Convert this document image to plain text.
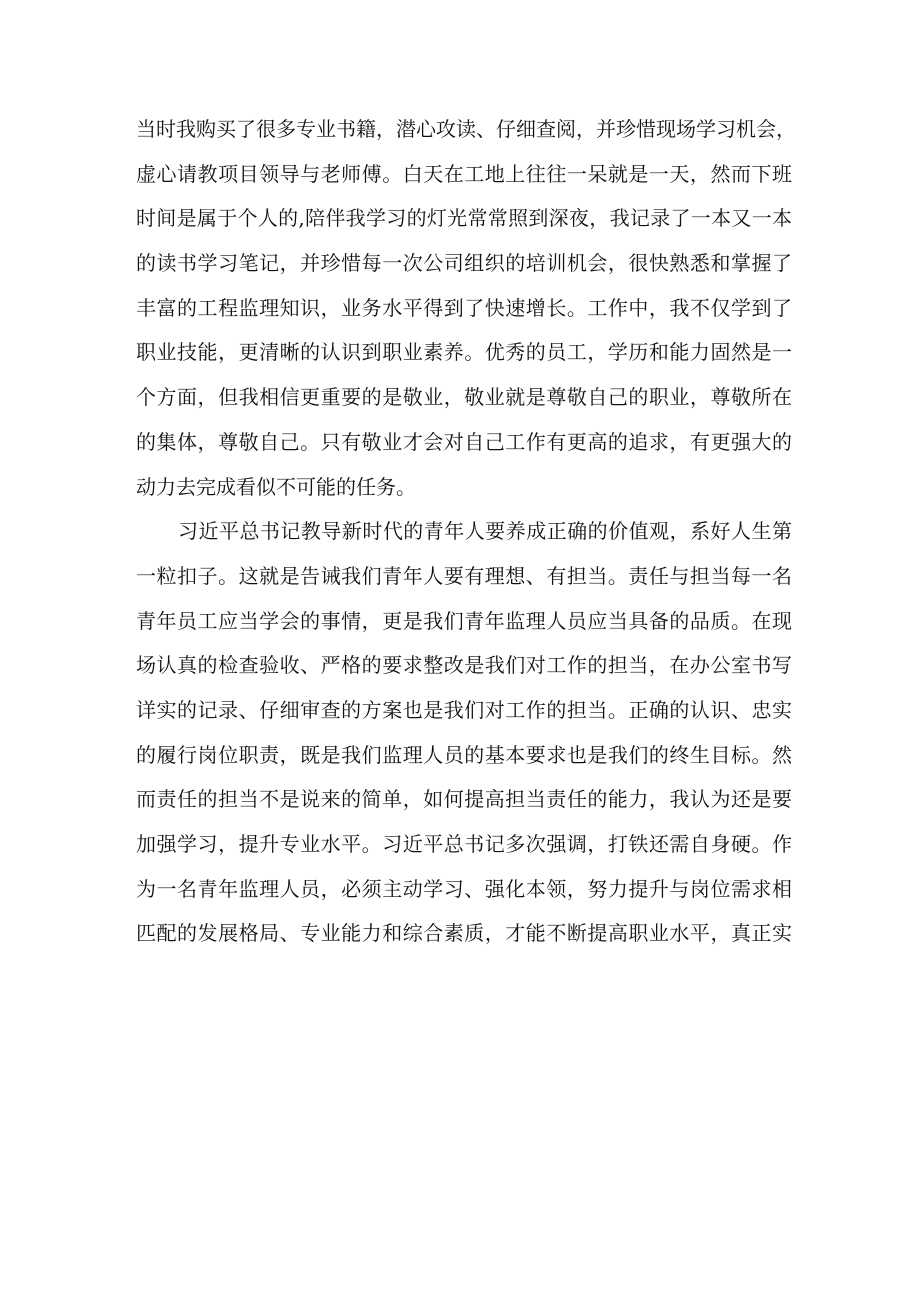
当时我购买了很多专业书籍，潜心攻读、仔细查阅，并珍惜现场学习机会，
虚心请教项目领导与老师傅。白天在工地上往往一呆就是一天，然而下班
时间是属于个人的,陪伴我学习的灯光常常照到深夜，我记录了一本又一本
的读书学习笔记，并珍惜每一次公司组织的培训机会，很快熟悉和掌握了
丰富的工程监理知识，业务水平得到了快速增长。工作中，我不仅学到了
职业技能，更清晰的认识到职业素养。优秀的员工，学历和能力固然是一
个方面，但我相信更重要的是敬业，敬业就是尊敬自己的职业，尊敬所在
的集体，尊敬自己。只有敬业才会对自己工作有更高的追求，有更强大的
动力去完成看似不可能的任务。
习近平总书记教导新时代的青年人要养成正确的价值观，系好人生第
一粒扣子。这就是告诫我们青年人要有理想、有担当。责任与担当每一名
青年员工应当学会的事情，更是我们青年监理人员应当具备的品质。在现
场认真的检查验收、严格的要求整改是我们对工作的担当，在办公室书写
详实的记录、仔细审查的方案也是我们对工作的担当。正确的认识、忠实
的履行岗位职责，既是我们监理人员的基本要求也是我们的终生目标。然
而责任的担当不是说来的简单，如何提高担当责任的能力，我认为还是要
加强学习，提升专业水平。习近平总书记多次强调，打铁还需自身硬。作
为一名青年监理人员，必须主动学习、强化本领，努力提升与岗位需求相
匹配的发展格局、专业能力和综合素质，才能不断提高职业水平，真正实
